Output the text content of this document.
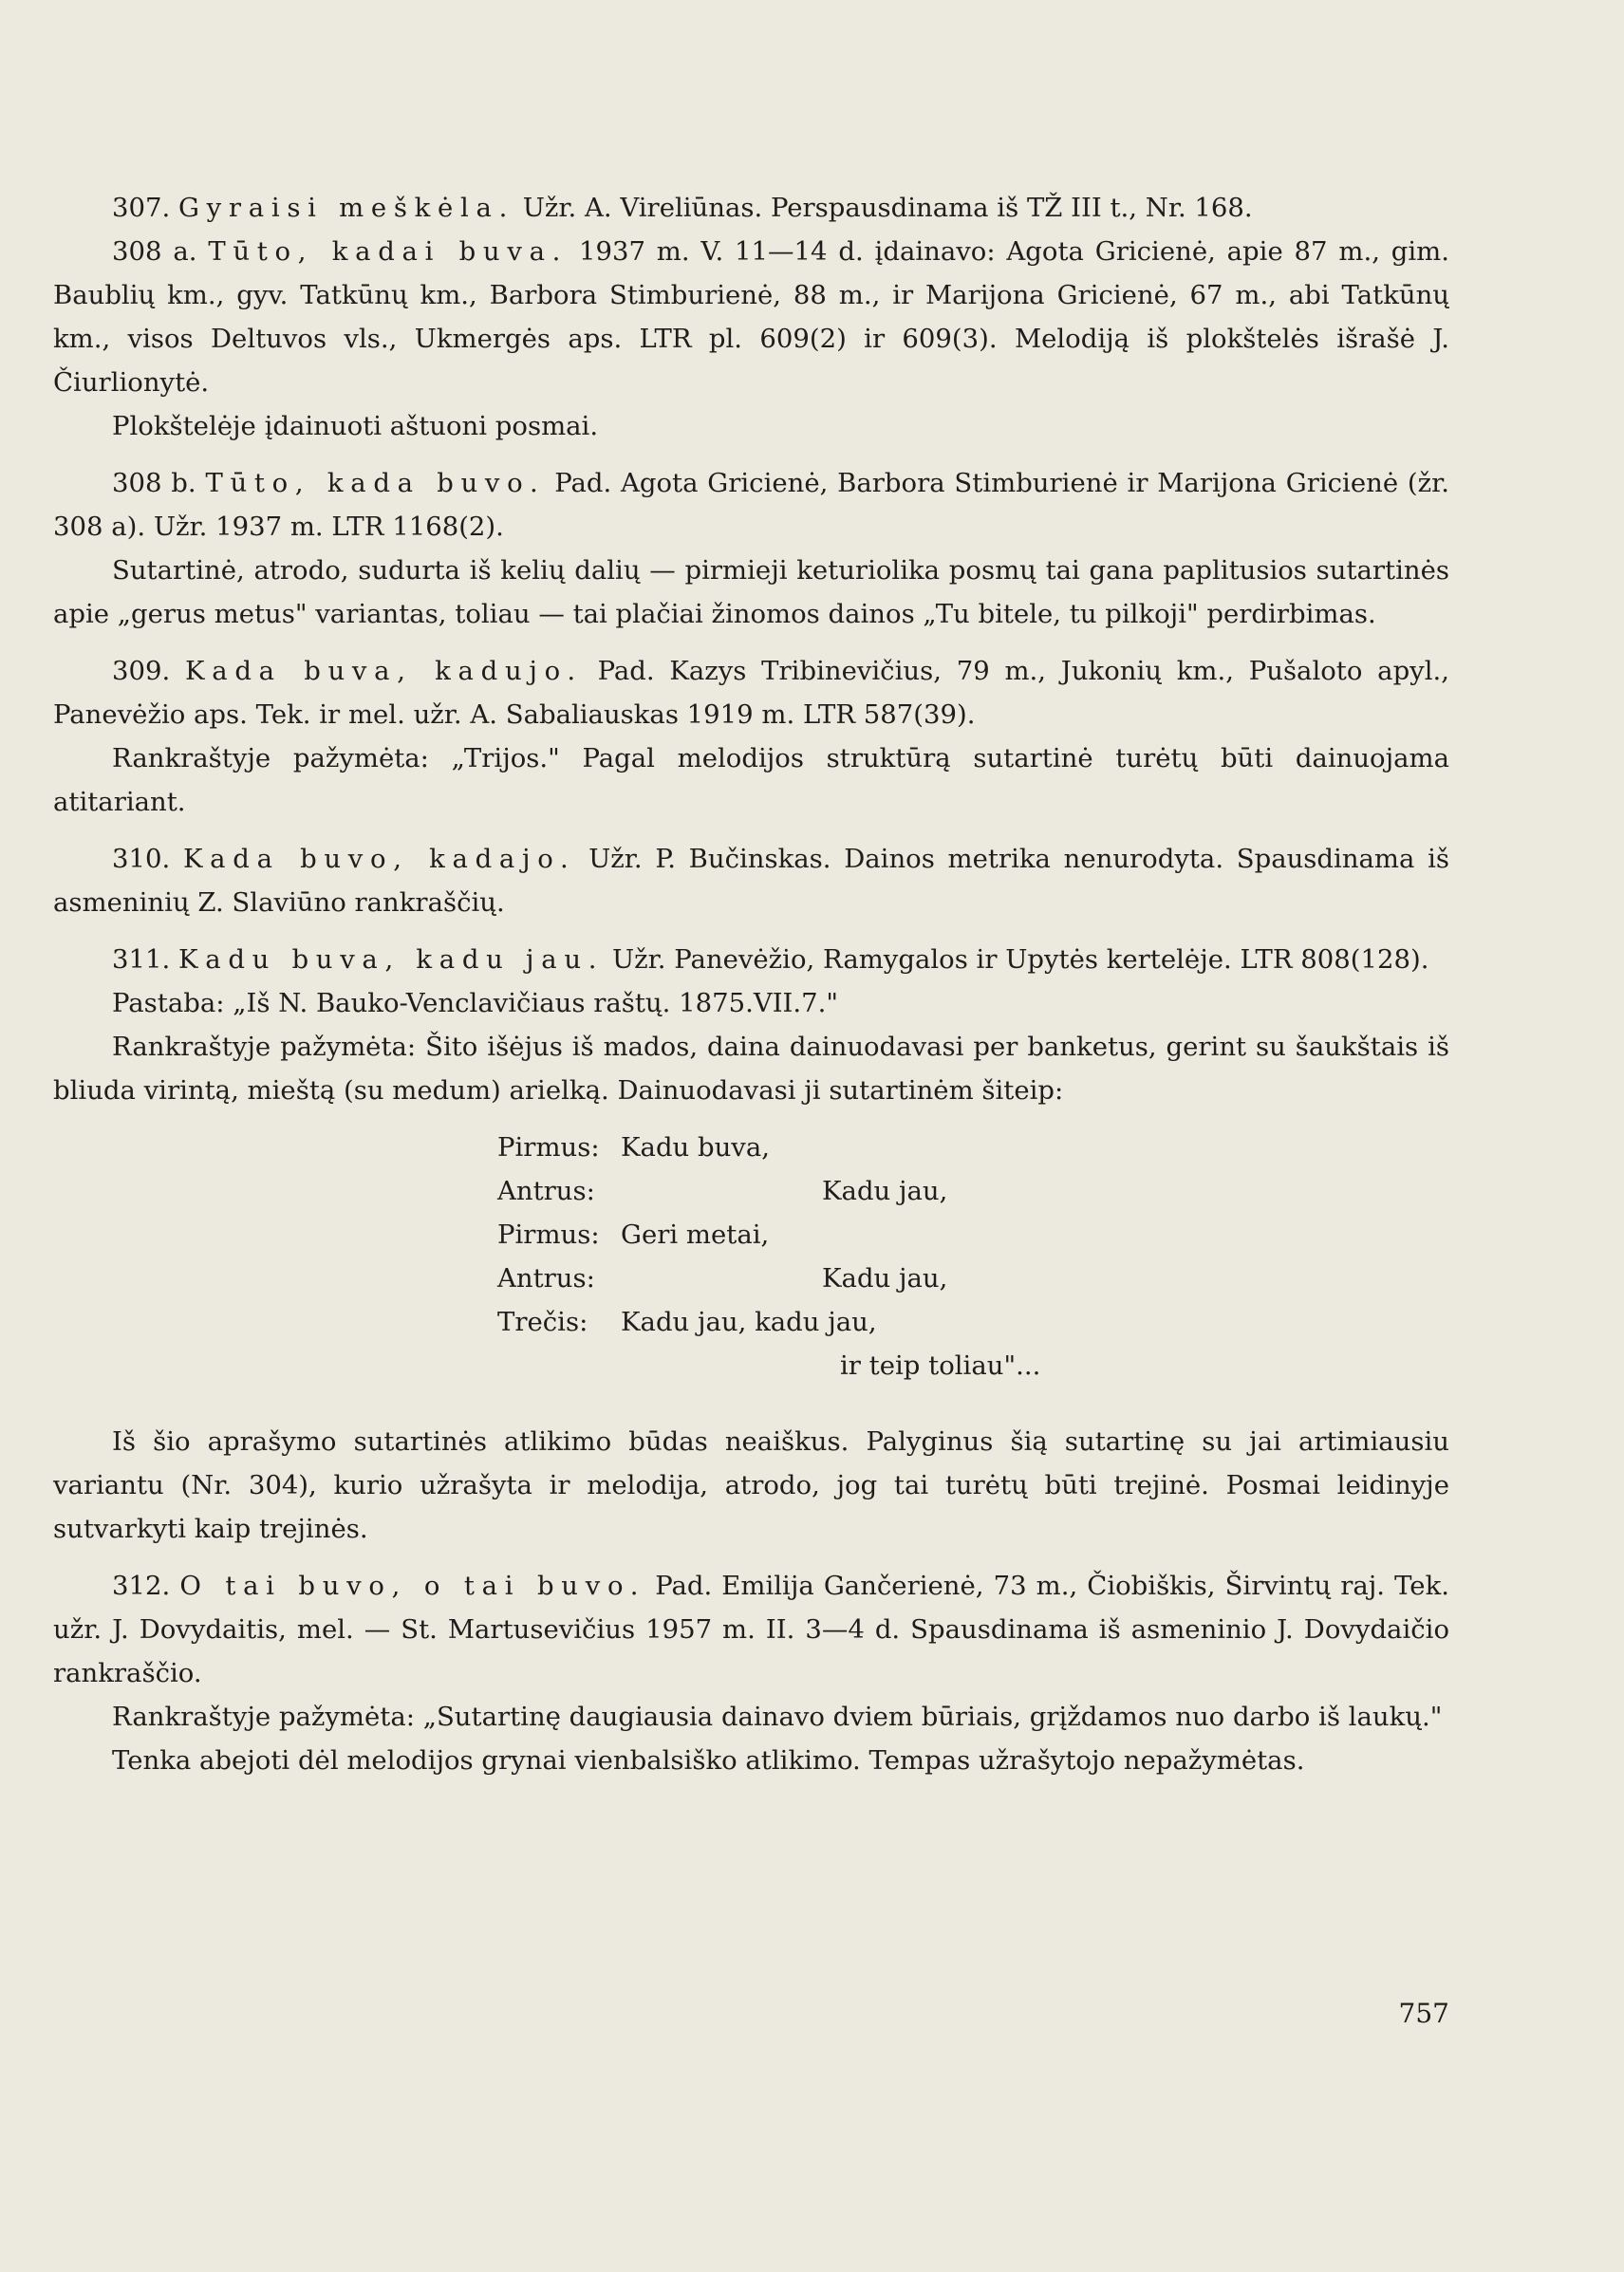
307. Gyraisi meškėla. Užr. A. Vireliūnas. Perspausdinama iš TŽ III t., Nr. 168.

308 a. Tūto, kadai buva. 1937 m. V. 11—14 d. įdainavo: Agota Gricienė, apie 87 m., gim. Baublių km., gyv. Tatkūnų km., Barbora Stimburienė, 88 m., ir Marijona Gricienė, 67 m., abi Tatkūnų km., visos Deltuvos vls., Ukmergės aps. LTR pl. 609(2) ir 609(3). Melodiją iš plokštelės išrašė J. Čiurlionytė.

Plokštelėje įdainuoti aštuoni posmai.

308 b. Tūto, kada buvo. Pad. Agota Gricienė, Barbora Stimburienė ir Marijona Gricienė (žr. 308 a). Užr. 1937 m. LTR 1168(2).

Sutartinė, atrodo, sudurta iš kelių dalių — pirmieji keturiolika posmų tai gana paplitusios sutartinės apie „gerus metus" variantas, toliau — tai plačiai žinomos dainos „Tu bitele, tu pilkoji" perdirbimas.

309. Kada buva, kadujo. Pad. Kazys Tribinevičius, 79 m., Jukonių km., Pušaloto apyl., Panevėžio aps. Tek. ir mel. užr. A. Sabaliauskas 1919 m. LTR 587(39).

Rankraštyje pažymėta: „Trijos." Pagal melodijos struktūrą sutartinė turėtų būti dainuojama atitariant.

310. Kada buvo, kadajo. Užr. P. Bučinskas. Dainos metrika nenurodyta. Spausdinama iš asmeninių Z. Slaviūno rankraščių.

311. Kadu buva, kadu jau. Užr. Panevėžio, Ramygalos ir Upytės kertelėje. LTR 808(128).

Pastaba: „Iš N. Bauko-Venclavičiaus raštų. 1875.VII.7."

Rankraštyje pažymėta: Šito išėjus iš mados, daina dainuodavasi per banketus, gerint su šaukštais iš bliuda virintą, mieštą (su medum) arielką. Dainuodavasi ji sutartinėm šiteip:

Pirmus: Kadu buva,
Antrus:	Kadu jau,
Pirmus: Geri metai,
Antrus:	Kadu jau,
Trečis:	Kadu jau, kadu jau,
ir teip toliau"...

Iš šio aprašymo sutartinės atlikimo būdas neaiškus. Palyginus šią sutartinę su jai artimiausiu variantu (Nr. 304), kurio užrašyta ir melodija, atrodo, jog tai turėtų būti trejinė. Posmai leidinyje sutvarkyti kaip trejinės.

312. O tai buvo, o tai buvo. Pad. Emilija Gančerienė, 73 m., Čiobiškis, Širvintų raj. Tek. užr. J. Dovydaitis, mel. — St. Martusevičius 1957 m. II. 3—4 d. Spausdinama iš asmeninio J. Dovydaičio rankraščio.

Rankraštyje pažymėta: „Sutartinę daugiausia dainavo dviem būriais, grįždamos nuo darbo iš laukų."

Tenka abejoti dėl melodijos grynai vienbalsiško atlikimo. Tempas užrašytojo nepažymėtas.

757
